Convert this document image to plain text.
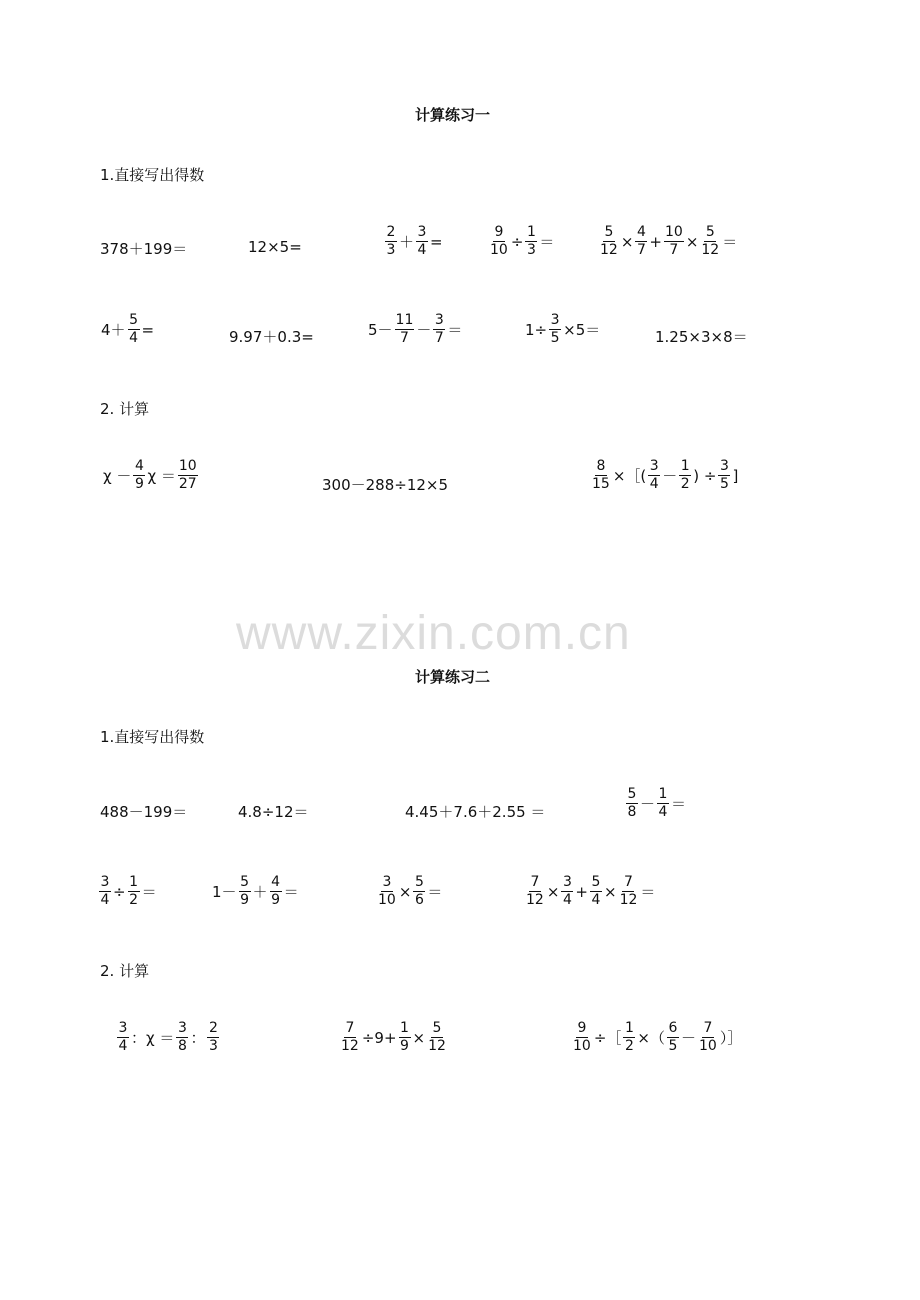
计算练习一
1.直接写出得数
378＋199＝	12×5=	$\frac{2}{3} + \frac{3}{4}$ =	$\frac{9}{10} \div \frac{1}{3}$ ＝	$\frac{5}{12} \times \frac{4}{7} + \frac{10}{7} \times \frac{5}{12}$ ＝
$4+ \frac{5}{4}$ =	9.97＋0.3=	$5- \frac{11}{7} - \frac{3}{7}$ ＝	$1\div \frac{3}{5} \times 5=$	1.25×3×8＝
2. 计算
$\chi - \frac{4}{9}$ $\chi = \frac{10}{27}$	300－288÷12×5	$\frac{8}{15}$ ×［( $\frac{3}{4} - \frac{1}{2}$ ) ÷ $\frac{3}{5}$ ]
www.zixin.com.cn
计算练习二
1.直接写出得数
488－199＝	4.8÷12＝	4.45＋7.6＋2.55 ＝	$\frac{5}{8} - \frac{1}{4}$ ＝
$\frac{3}{4} \div \frac{1}{2}$ ＝	$1- \frac{5}{9} + \frac{4}{9}$ ＝	$\frac{3}{10} \times \frac{5}{6}$ ＝	$\frac{7}{12} \times \frac{3}{4} + \frac{5}{4} \times \frac{7}{12}$ ＝
2. 计算
$\frac{3}{4}$ ：$\chi = \frac{3}{8}$ ： $\frac{2}{3}$	$\frac{7}{12} \div 9+ \frac{1}{9} \times \frac{5}{12}$	$\frac{9}{10}$ ÷［ $\frac{1}{2}$ ×（ $\frac{6}{5} - \frac{7}{10}$ ）］
